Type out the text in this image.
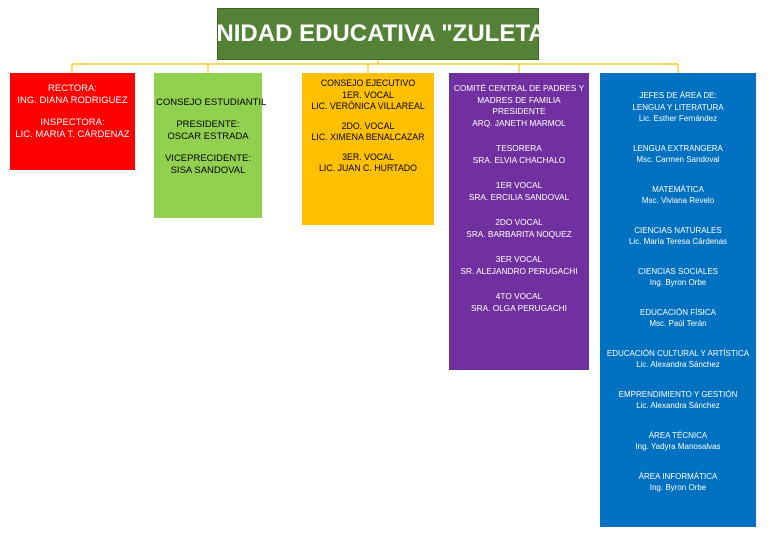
UNIDAD EDUCATIVA "ZULETA"
RECTORA:
ING. DIANA RODRIGUEZ
INSPECTORA:
LIC. MARIA T. CÁRDENAZ
CONSEJO ESTUDIANTIL
PRESIDENTE:
OSCAR ESTRADA
VICEPRECIDENTE:
SISA SANDOVAL
CONSEJO EJECUTIVO
1ER. VOCAL
LIC. VERÓNICA VILLAREAL
2DO. VOCAL
LIC. XIMENA BENALCAZAR
3ER. VOCAL
LIC. JUAN C. HURTADO
COMITÉ CENTRAL DE PADRES Y
MADRES DE FAMILIA
PRESIDENTE
ARQ. JANETH MARMOL
TESORERA
SRA. ELVIA CHACHALO
1ER VOCAL
SRA. ERCILIA SANDOVAL
2DO VOCAL
SRA. BARBARITA NOQUEZ
3ER VOCAL
SR. ALEJANDRO PERUGACHI
4TO VOCAL
SRA. OLGA PERUGACHI
JEFES DE ÁREA DE:
LENGUA Y LITERATURA
Lic. Esther Fernández
LENGUA EXTRANGERA
Msc. Carmen Sandoval
MATEMÁTICA
Msc. Viviana Revelo
CIENCIAS NATURALES
Lic. María Teresa Cárdenas
CIENCIAS SOCIALES
Ing. Byron Orbe
EDUCACIÓN FÍSICA
Msc. Paúl Terán
EDUCACIÓN CULTURAL Y ARTÍSTICA
Lic. Alexandra Sánchez
EMPRENDIMIENTO Y GESTIÓN
Lic. Alexandra Sánchez
ÁREA TÉCNICA
Ing. Yadyra Manosalvas
ÁREA INFORMÁTICA
Ing. Byron Orbe
